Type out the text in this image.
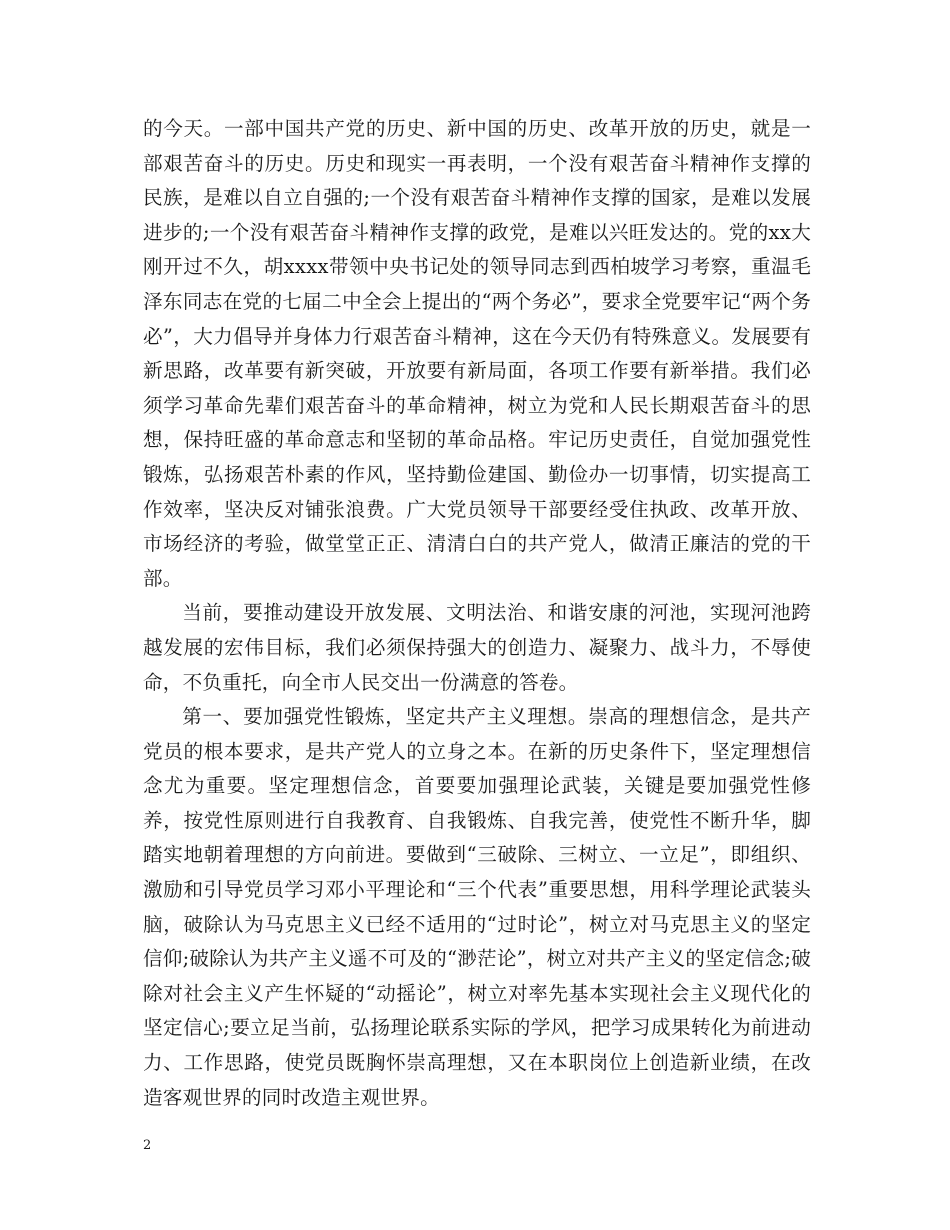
的今天。一部中国共产党的历史、新中国的历史、改革开放的历史，就是一部艰苦奋斗的历史。历史和现实一再表明，一个没有艰苦奋斗精神作支撑的民族，是难以自立自强的;一个没有艰苦奋斗精神作支撑的国家，是难以发展进步的;一个没有艰苦奋斗精神作支撑的政党，是难以兴旺发达的。党的xx大刚开过不久，胡xxxx带领中央书记处的领导同志到西柏坡学习考察，重温毛泽东同志在党的七届二中全会上提出的“两个务必”，要求全党要牢记“两个务必”，大力倡导并身体力行艰苦奋斗精神，这在今天仍有特殊意义。发展要有新思路，改革要有新突破，开放要有新局面，各项工作要有新举措。我们必须学习革命先辈们艰苦奋斗的革命精神，树立为党和人民长期艰苦奋斗的思想，保持旺盛的革命意志和坚韧的革命品格。牢记历史责任，自觉加强党性锻炼，弘扬艰苦朴素的作风，坚持勤俭建国、勤俭办一切事情，切实提高工作效率，坚决反对铺张浪费。广大党员领导干部要经受住执政、改革开放、市场经济的考验，做堂堂正正、清清白白的共产党人，做清正廉洁的党的干部。

当前，要推动建设开放发展、文明法治、和谐安康的河池，实现河池跨越发展的宏伟目标，我们必须保持强大的创造力、凝聚力、战斗力，不辱使命，不负重托，向全市人民交出一份满意的答卷。

第一、要加强党性锻炼，坚定共产主义理想。崇高的理想信念，是共产党员的根本要求，是共产党人的立身之本。在新的历史条件下，坚定理想信念尤为重要。坚定理想信念，首要要加强理论武装，关键是要加强党性修养，按党性原则进行自我教育、自我锻炼、自我完善，使党性不断升华，脚踏实地朝着理想的方向前进。要做到“三破除、三树立、一立足”，即组织、激励和引导党员学习邓小平理论和“三个代表”重要思想，用科学理论武装头脑，破除认为马克思主义已经不适用的“过时论”，树立对马克思主义的坚定信仰;破除认为共产主义遥不可及的“渺茫论”，树立对共产主义的坚定信念;破除对社会主义产生怀疑的“动摇论”，树立对率先基本实现社会主义现代化的坚定信心;要立足当前，弘扬理论联系实际的学风，把学习成果转化为前进动力、工作思路，使党员既胸怀崇高理想，又在本职岗位上创造新业绩，在改造客观世界的同时改造主观世界。

2
